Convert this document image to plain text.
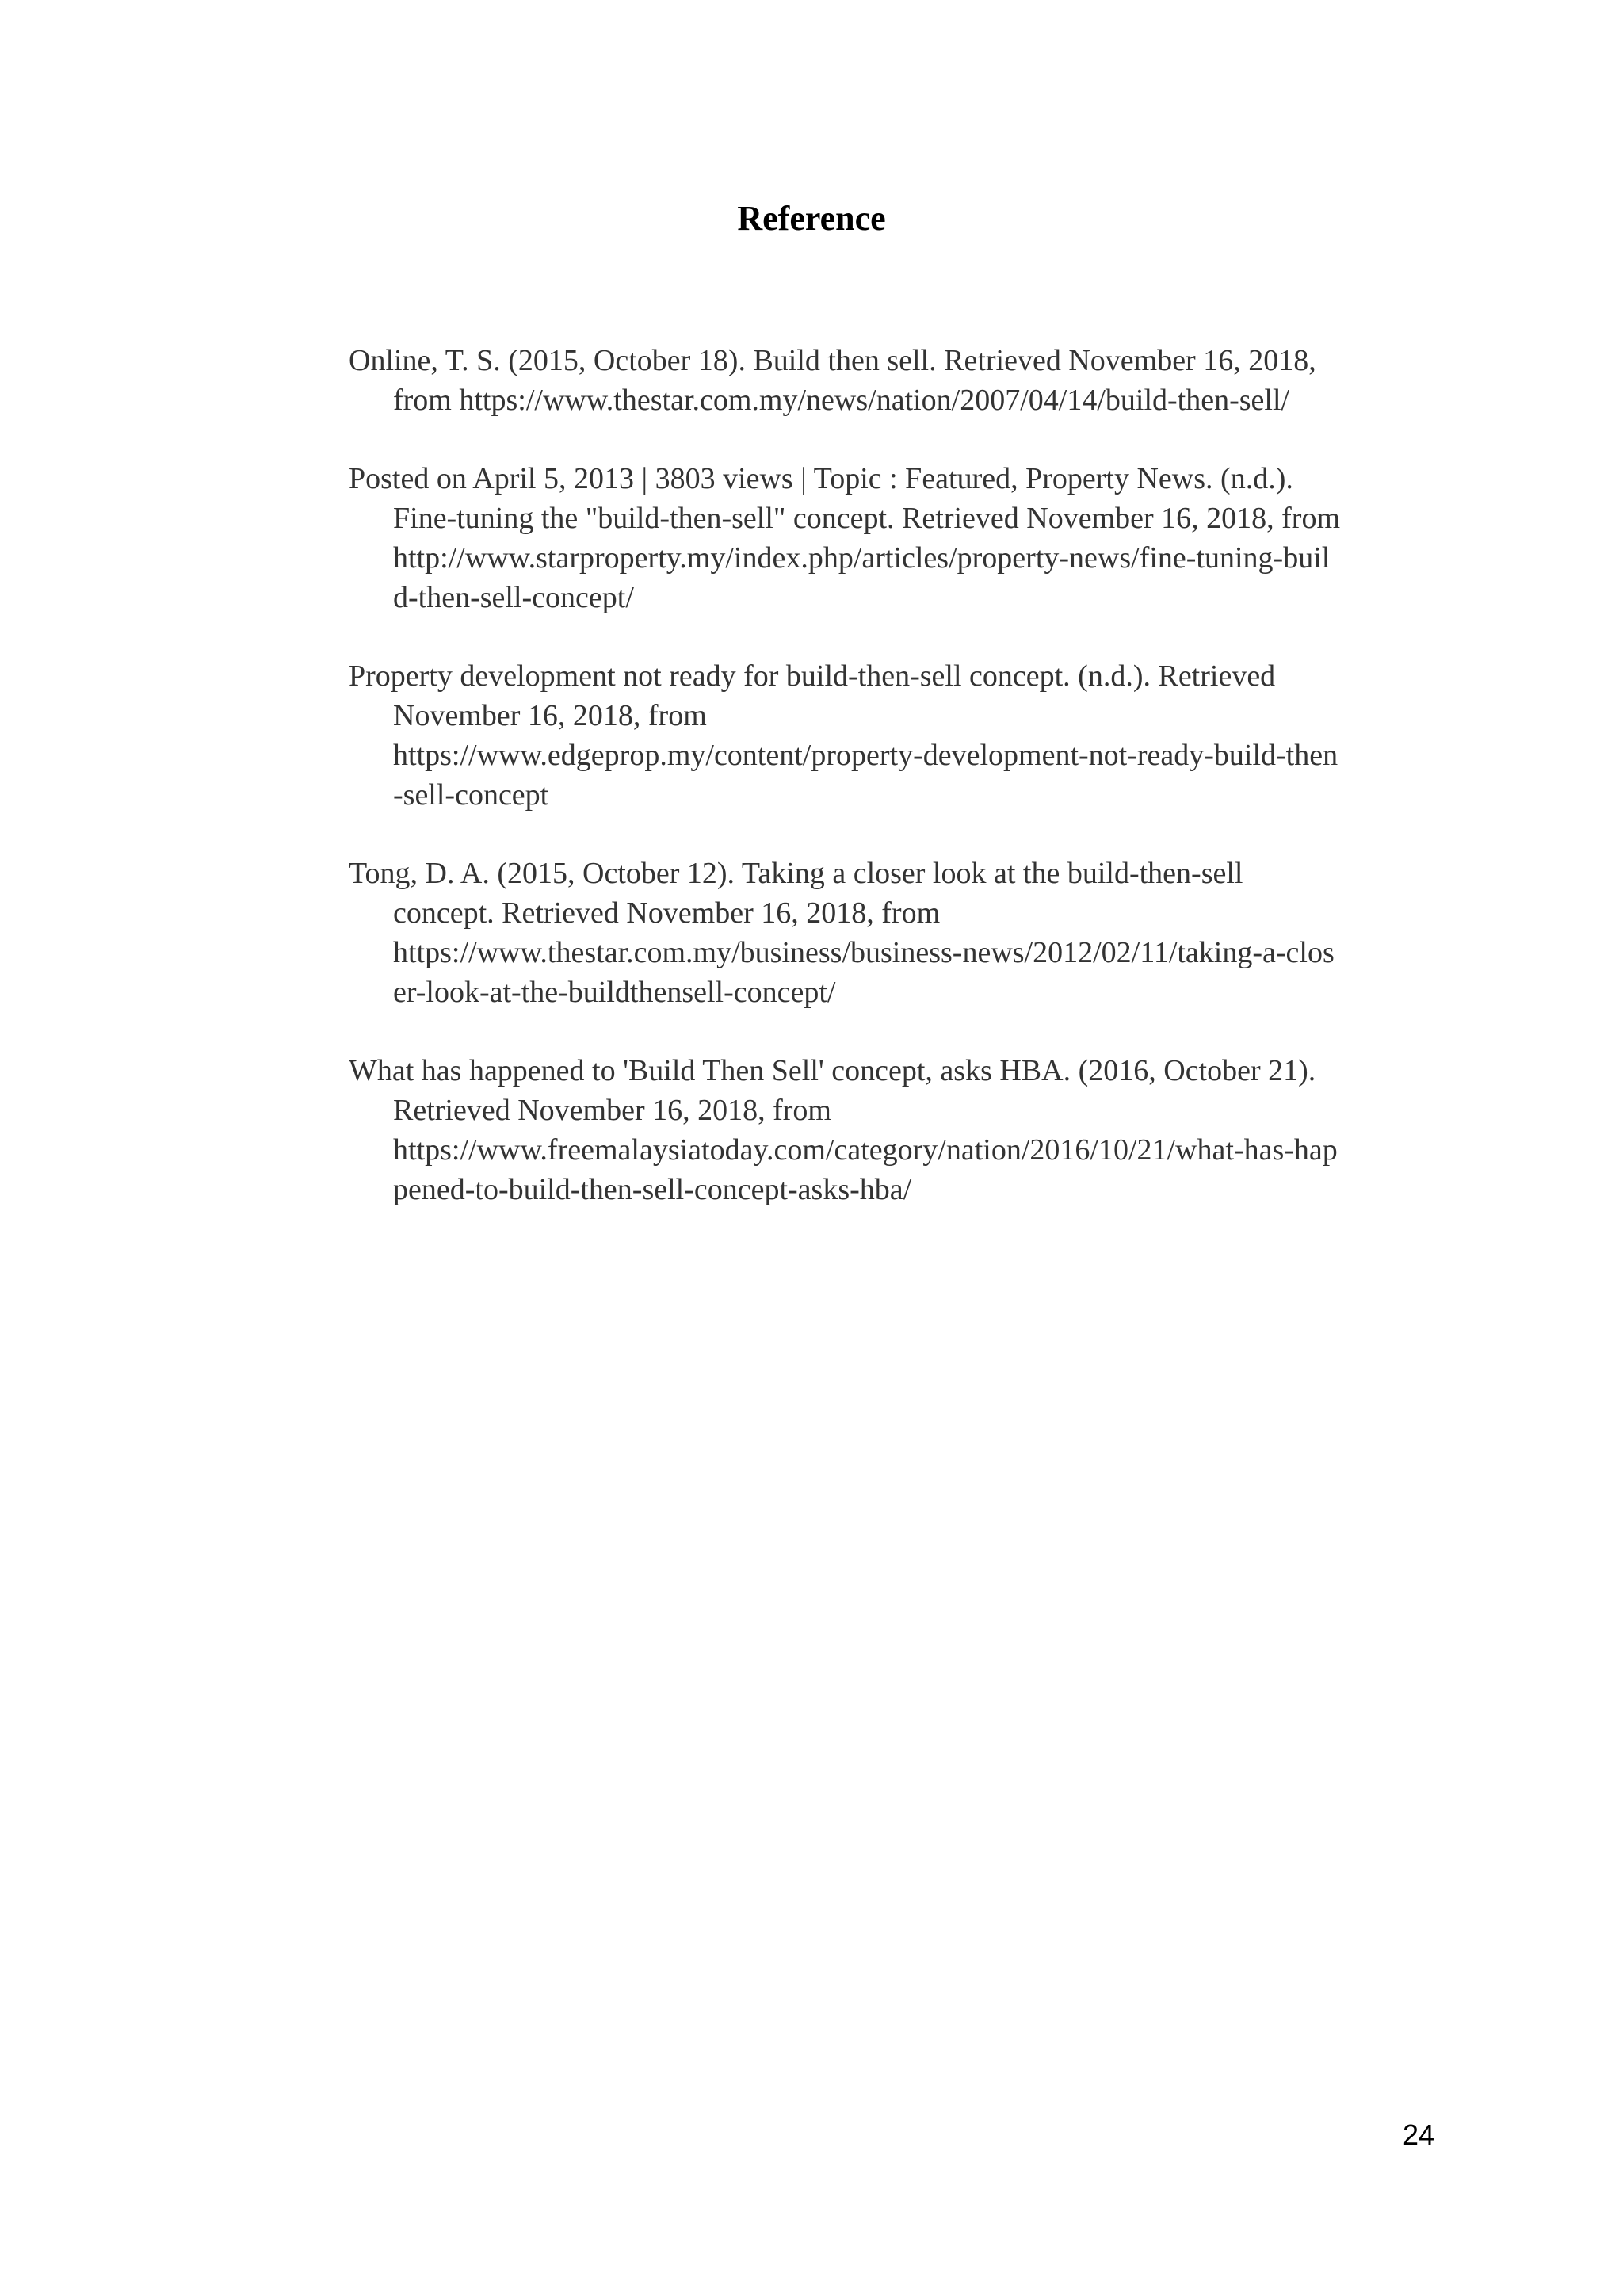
Reference
Online, T. S. (2015, October 18). Build then sell. Retrieved November 16, 2018,
from https://www.thestar.com.my/news/nation/2007/04/14/build-then-sell/
Posted on April 5, 2013 | 3803 views | Topic : Featured, Property News. (n.d.).
Fine-tuning the "build-then-sell" concept. Retrieved November 16, 2018, from
http://www.starproperty.my/index.php/articles/property-news/fine-tuning-buil
d-then-sell-concept/
Property development not ready for build-then-sell concept. (n.d.). Retrieved
November 16, 2018, from
https://www.edgeprop.my/content/property-development-not-ready-build-then
-sell-concept
Tong, D. A. (2015, October 12). Taking a closer look at the build-then-sell
concept. Retrieved November 16, 2018, from
https://www.thestar.com.my/business/business-news/2012/02/11/taking-a-clos
er-look-at-the-buildthensell-concept/
What has happened to 'Build Then Sell' concept, asks HBA. (2016, October 21).
Retrieved November 16, 2018, from
https://www.freemalaysiatoday.com/category/nation/2016/10/21/what-has-hap
pened-to-build-then-sell-concept-asks-hba/
24
